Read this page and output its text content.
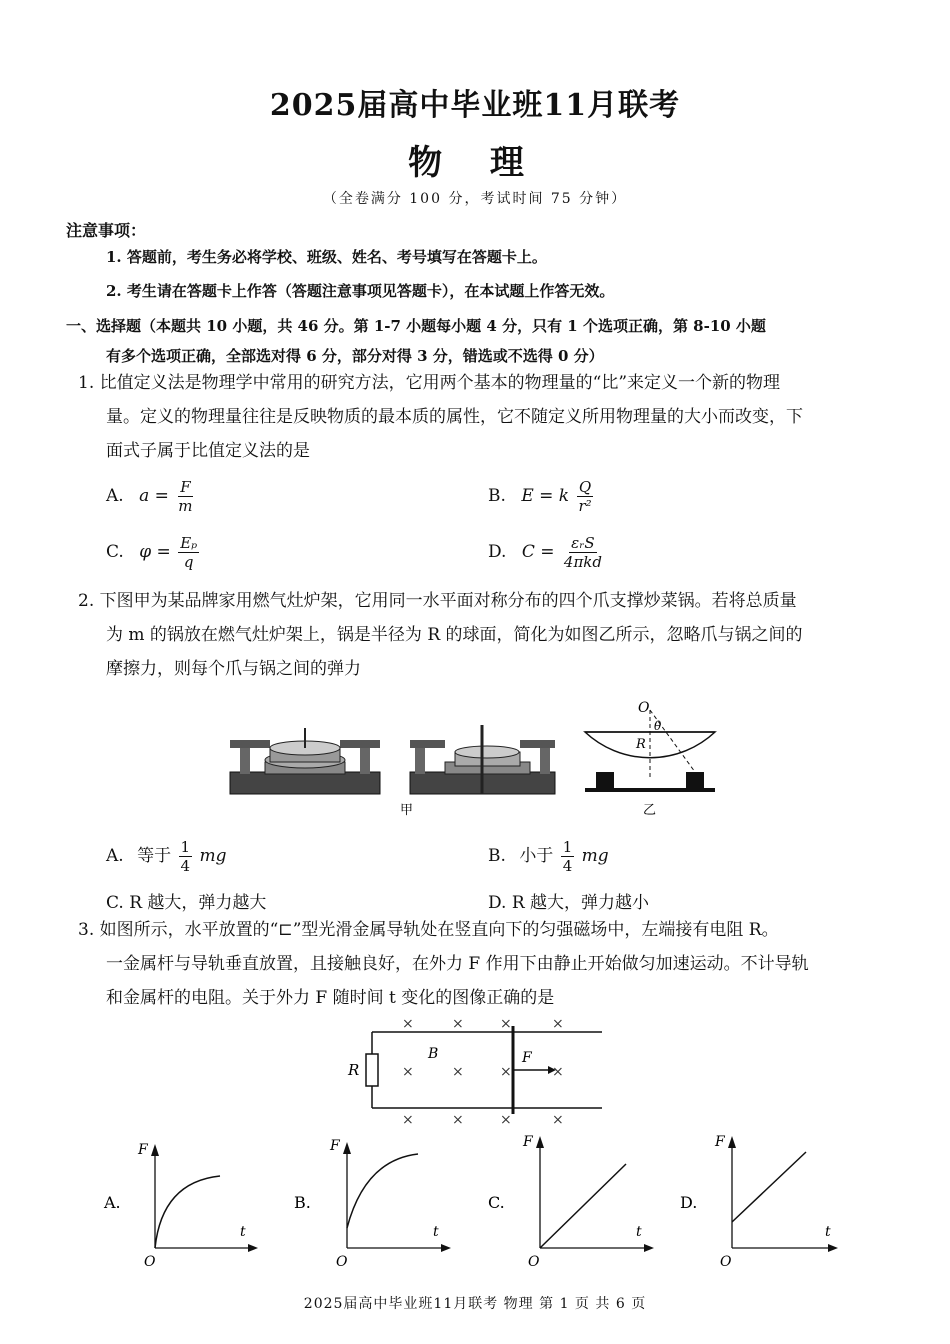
2025届高中毕业班11月联考
物 理
（全卷满分 100 分，考试时间 75 分钟）
注意事项：
1. 答题前，考生务必将学校、班级、姓名、考号填写在答题卡上。
2. 考生请在答题卡上作答（答题注意事项见答题卡），在本试题上作答无效。
一、选择题（本题共 10 小题，共 46 分。第 1-7 小题每小题 4 分，只有 1 个选项正确，第 8-10 小题
有多个选项正确，全部选对得 6 分，部分对得 3 分，错选或不选得 0 分）
1. 比值定义法是物理学中常用的研究方法，它用两个基本的物理量的“比”来定义一个新的物理
量。定义的物理量往往是反映物质的最本质的属性，它不随定义所用物理量的大小而改变，下
面式子属于比值定义法的是
A. $a = \frac{F}{m}$	B. E = k $\frac{Q}{\text{r²}}$
C. $\varphi = \frac{\text{Eₚ}}{q}$	D. $C = \frac{\text{εᵣS}}{\text{4πkd}}$
2. 下图甲为某品牌家用燃气灶炉架，它用同一水平面对称分布的四个爪支撑炒菜锅。若将总质量
为 m 的锅放在燃气灶炉架上，锅是半径为 R 的球面，简化为如图乙所示，忽略爪与锅之间的
摩擦力，则每个爪与锅之间的弹力
甲
O
θ
R
乙
A. 等于 $\frac{1}{4}$ mg	B. 小于 $\frac{1}{4}$ mg
C. R 越大，弹力越大	D. R 越大，弹力越小
3. 如图所示，水平放置的“⊏”型光滑金属导轨处在竖直向下的匀强磁场中，左端接有电阻 R。
一金属杆与导轨垂直放置，且接触良好，在外力 F 作用下由静止开始做匀加速运动。不计导轨
和金属杆的电阻。关于外力 F 随时间 t 变化的图像正确的是
R
B	F
×	×	×	×
×	×	×	×
×	×	×	×
A.
F
t
O
B.
F
t
O
C.
F
t
O
D.
F
t
O
2025届高中毕业班11月联考 物理 第 1 页 共 6 页
